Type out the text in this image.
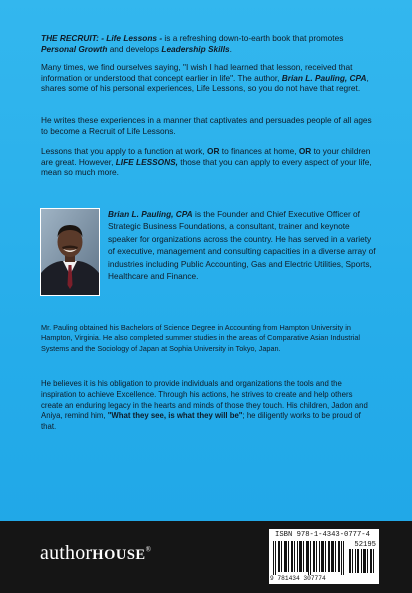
THE RECRUIT: - Life Lessons - is a refreshing down-to-earth book that promotes Personal Growth and develops Leadership Skills.

Many times, we find ourselves saying, "I wish I had learned that lesson, received that information or understood that concept earlier in life". The author, Brian L. Pauling, CPA, shares some of his personal experiences, Life Lessons, so you do not have that regret.

He writes these experiences in a manner that captivates and persuades people of all ages to become a Recruit of Life Lessons.

Lessons that you apply to a function at work, OR to finances at home, OR to your children are great. However, LIFE LESSONS, those that you can apply to every aspect of your life, mean so much more.

Brian L. Pauling, CPA is the Founder and Chief Executive Officer of Strategic Business Foundations, a consultant, trainer and keynote speaker for organizations across the country. He has served in a variety of executive, management and consulting capacities in a diverse array of industries including Public Accounting, Gas and Electric Utilities, Sports, Healthcare and Finance.

Mr. Pauling obtained his Bachelors of Science Degree in Accounting from Hampton University in Hampton, Virginia. He also completed summer studies in the areas of Comparative Asian Industrial Systems and the Sociology of Japan at Sophia University in Tokyo, Japan.

He believes it is his obligation to provide individuals and organizations the tools and the inspiration to achieve Excellence. Through his actions, he strives to create and help others create an enduring legacy in the hearts and minds of those they touch. His children, Jadon and Aniya, remind him, "What they see, is what they will be"; he diligently works to be proud of that.

authorHOUSE®
ISBN 978-1-4343-0777-4
52195
9 781434 307774
